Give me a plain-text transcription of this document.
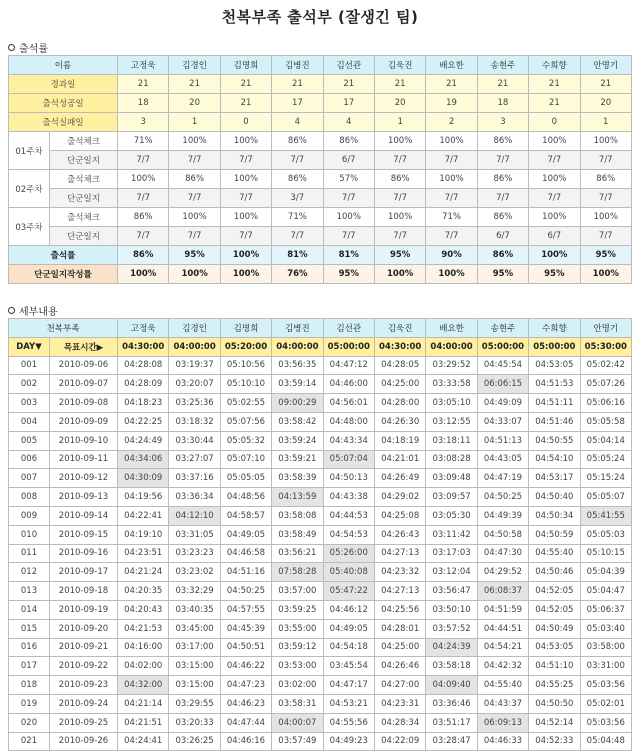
천복부족 출석부 (잘생긴 팀)
출석률
이름		고정욱	김경인	김명희	김병진	김선관	김욱진	배요한	송현주	수희향	안명기
경과일		21	21	21	21	21	21	21	21	21	21
출석성공일		18	20	21	17	17	20	19	18	21	20
출석실패일		3	1	0	4	4	1	2	3	0	1
01주차	출석체크	71%	100%	100%	86%	86%	100%	100%	86%	100%	100%
	단군일지	7/7	7/7	7/7	7/7	6/7	7/7	7/7	7/7	7/7	7/7
02주차	출석체크	100%	86%	100%	86%	57%	86%	100%	86%	100%	86%
	단군일지	7/7	7/7	7/7	3/7	7/7	7/7	7/7	7/7	7/7	7/7
03주차	출석체크	86%	100%	100%	71%	100%	100%	71%	86%	100%	100%
	단군일지	7/7	7/7	7/7	7/7	7/7	7/7	7/7	6/7	6/7	7/7
출석률		86%	95%	100%	81%	81%	95%	90%	86%	100%	95%
단군일지작성률		100%	100%	100%	76%	95%	100%	100%	95%	95%	100%
세부내용
천복부족		고정욱	김경인	김명희	김병진	김선관	김욱진	배요한	송현주	수희향	안명기
DAY▼	목표시간▶	04:30:00	04:00:00	05:20:00	04:00:00	05:00:00	04:30:00	04:00:00	05:00:00	05:00:00	05:30:00
001	2010-09-06	04:28:08	03:19:37	05:10:56	03:56:35	04:47:12	04:28:05	03:29:52	04:45:54	04:53:05	05:02:42
002	2010-09-07	04:28:09	03:20:07	05:10:10	03:59:14	04:46:00	04:25:00	03:33:58	06:06:15	04:51:53	05:07:26
003	2010-09-08	04:18:23	03:25:36	05:02:55	09:00:29	04:56:01	04:28:00	03:05:10	04:49:09	04:51:11	05:06:16
004	2010-09-09	04:22:25	03:18:32	05:07:56	03:58:42	04:48:00	04:26:30	03:12:55	04:33:07	04:51:46	05:05:58
005	2010-09-10	04:24:49	03:30:44	05:05:32	03:59:24	04:43:34	04:18:19	03:18:11	04:51:13	04:50:55	05:04:14
006	2010-09-11	04:34:06	03:27:07	05:07:10	03:59:21	05:07:04	04:21:01	03:08:28	04:43:05	04:54:10	05:05:24
007	2010-09-12	04:30:09	03:37:16	05:05:05	03:58:39	04:50:13	04:26:49	03:09:48	04:47:19	04:53:17	05:15:24
008	2010-09-13	04:19:56	03:36:34	04:48:56	04:13:59	04:43:38	04:29:02	03:09:57	04:50:25	04:50:40	05:05:07
009	2010-09-14	04:22:41	04:12:10	04:58:57	03:58:08	04:44:53	04:25:08	03:05:30	04:49:39	04:50:34	05:41:55
010	2010-09-15	04:19:10	03:31:05	04:49:05	03:58:49	04:54:53	04:26:43	03:11:42	04:50:58	04:50:59	05:05:03
011	2010-09-16	04:23:51	03:23:23	04:46:58	03:56:21	05:26:00	04:27:13	03:17:03	04:47:30	04:55:40	05:10:15
012	2010-09-17	04:21:24	03:23:02	04:51:16	07:58:28	05:40:08	04:23:32	03:12:04	04:29:52	04:50:46	05:04:39
013	2010-09-18	04:20:35	03:32:29	04:50:25	03:57:00	05:47:22	04:27:13	03:56:47	06:08:37	04:52:05	05:04:47
014	2010-09-19	04:20:43	03:40:35	04:57:55	03:59:25	04:46:12	04:25:56	03:50:10	04:51:59	04:52:05	05:06:37
015	2010-09-20	04:21:53	03:45:00	04:45:39	03:55:00	04:49:05	04:28:01	03:57:52	04:44:51	04:50:49	05:03:40
016	2010-09-21	04:16:00	03:17:00	04:50:51	03:59:12	04:54:18	04:25:00	04:24:39	04:54:21	04:53:05	03:58:00
017	2010-09-22	04:02:00	03:15:00	04:46:22	03:53:00	03:45:54	04:26:46	03:58:18	04:42:32	04:51:10	03:31:00
018	2010-09-23	04:32:00	03:15:00	04:47:23	03:02:00	04:47:17	04:27:00	04:09:40	04:55:40	04:55:25	05:03:56
019	2010-09-24	04:21:14	03:29:55	04:46:23	03:58:31	04:53:21	04:23:31	03:36:46	04:43:37	04:50:50	05:02:01
020	2010-09-25	04:21:51	03:20:33	04:47:44	04:00:07	04:55:56	04:28:34	03:51:17	06:09:13	04:52:14	05:03:56
021	2010-09-26	04:24:41	03:26:25	04:46:16	03:57:49	04:49:23	04:22:09	03:28:47	04:46:33	04:52:33	05:04:48
